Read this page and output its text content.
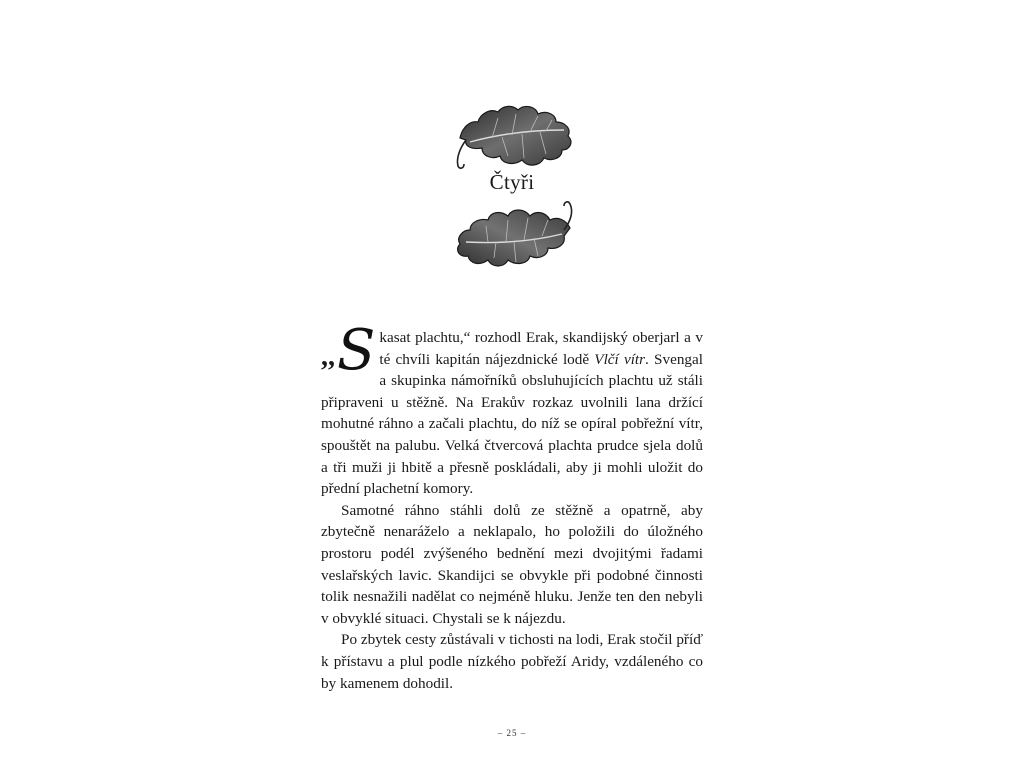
Čtyři

,, S kasat plachtu,“ rozhodl Erak, skandijský oberjarl a v té chvíli kapitán nájezdnické lodě Vlčí vítr. Svengal a skupinka námořníků obsluhujících plachtu už stáli připraveni u stěžně. Na Erakův rozkaz uvolnili lana držící mohutné ráhno a začali plachtu, do níž se opíral pobřežní vítr, spouštět na palubu. Velká čtvercová plachta prudce sjela dolů a tři muži ji hbitě a přesně poskládali, aby ji mohli uložit do přední plachetní komory.

Samotné ráhno stáhli dolů ze stěžně a opatrně, aby zbytečně nenaráželo a neklapalo, ho položili do úložného prostoru podél zvýšeného bednění mezi dvojitými řadami veslařských lavic. Skandijci se obvykle při podobné činnosti tolik nesnažili nadělat co nejméně hluku. Jenže ten den nebyli v obvyklé situaci. Chystali se k nájezdu.

Po zbytek cesty zůstávali v tichosti na lodi, Erak stočil příď k přístavu a plul podle nízkého pobřeží Aridy, vzdáleného co by kamenem dohodil.

– 25 –
